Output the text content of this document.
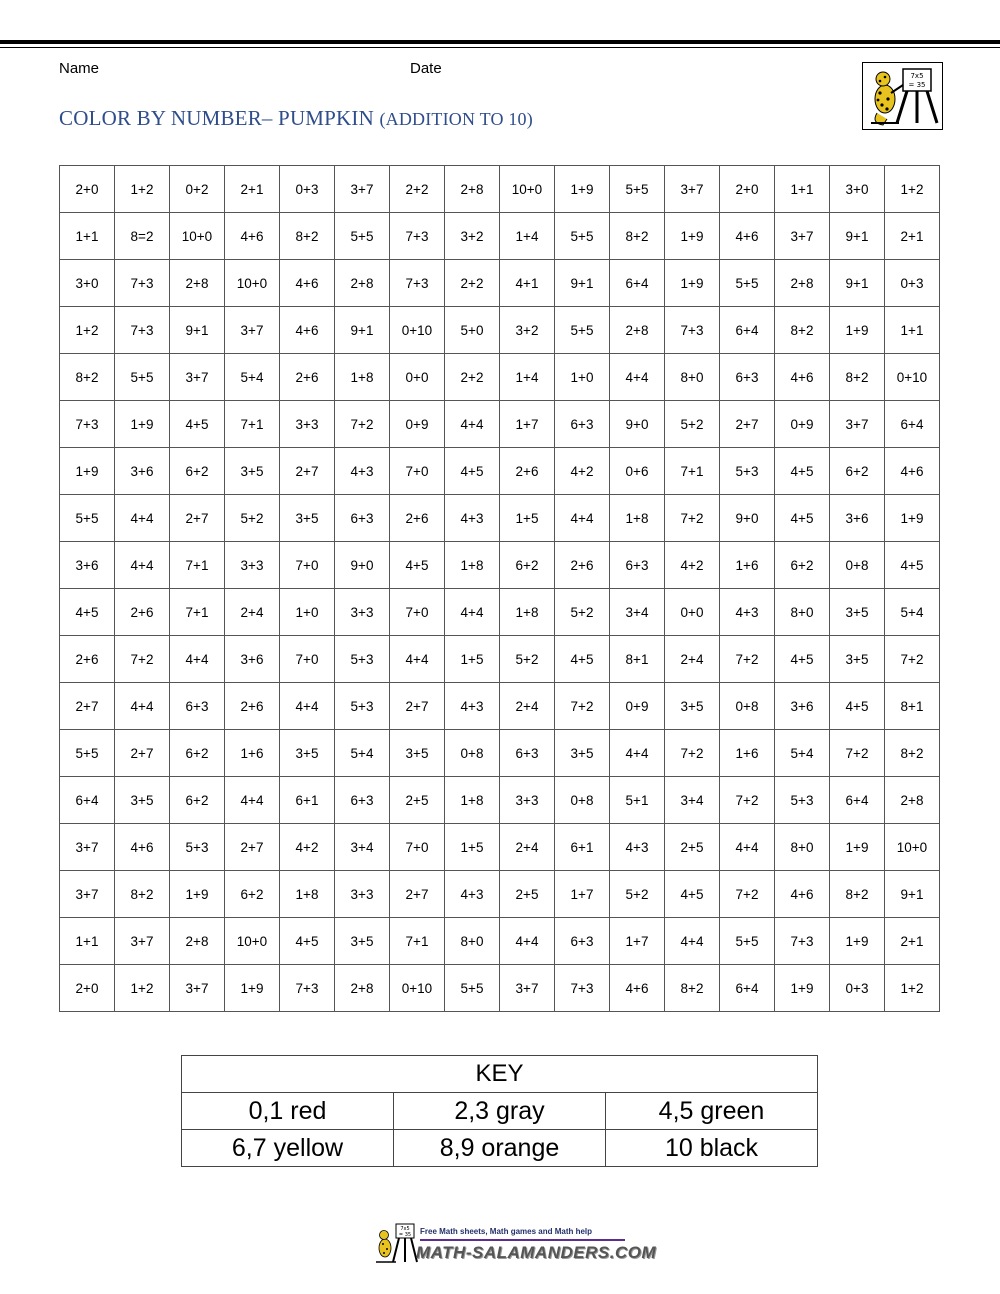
Name	Date
COLOR BY NUMBER– PUMPKIN (ADDITION TO 10)
7x5
= 35
2+0	1+2	0+2	2+1	0+3	3+7	2+2	2+8	10+0	1+9	5+5	3+7	2+0	1+1	3+0	1+2
1+1	8=2	10+0	4+6	8+2	5+5	7+3	3+2	1+4	5+5	8+2	1+9	4+6	3+7	9+1	2+1
3+0	7+3	2+8	10+0	4+6	2+8	7+3	2+2	4+1	9+1	6+4	1+9	5+5	2+8	9+1	0+3
1+2	7+3	9+1	3+7	4+6	9+1	0+10	5+0	3+2	5+5	2+8	7+3	6+4	8+2	1+9	1+1
8+2	5+5	3+7	5+4	2+6	1+8	0+0	2+2	1+4	1+0	4+4	8+0	6+3	4+6	8+2	0+10
7+3	1+9	4+5	7+1	3+3	7+2	0+9	4+4	1+7	6+3	9+0	5+2	2+7	0+9	3+7	6+4
1+9	3+6	6+2	3+5	2+7	4+3	7+0	4+5	2+6	4+2	0+6	7+1	5+3	4+5	6+2	4+6
5+5	4+4	2+7	5+2	3+5	6+3	2+6	4+3	1+5	4+4	1+8	7+2	9+0	4+5	3+6	1+9
3+6	4+4	7+1	3+3	7+0	9+0	4+5	1+8	6+2	2+6	6+3	4+2	1+6	6+2	0+8	4+5
4+5	2+6	7+1	2+4	1+0	3+3	7+0	4+4	1+8	5+2	3+4	0+0	4+3	8+0	3+5	5+4
2+6	7+2	4+4	3+6	7+0	5+3	4+4	1+5	5+2	4+5	8+1	2+4	7+2	4+5	3+5	7+2
2+7	4+4	6+3	2+6	4+4	5+3	2+7	4+3	2+4	7+2	0+9	3+5	0+8	3+6	4+5	8+1
5+5	2+7	6+2	1+6	3+5	5+4	3+5	0+8	6+3	3+5	4+4	7+2	1+6	5+4	7+2	8+2
6+4	3+5	6+2	4+4	6+1	6+3	2+5	1+8	3+3	0+8	5+1	3+4	7+2	5+3	6+4	2+8
3+7	4+6	5+3	2+7	4+2	3+4	7+0	1+5	2+4	6+1	4+3	2+5	4+4	8+0	1+9	10+0
3+7	8+2	1+9	6+2	1+8	3+3	2+7	4+3	2+5	1+7	5+2	4+5	7+2	4+6	8+2	9+1
1+1	3+7	2+8	10+0	4+5	3+5	7+1	8+0	4+4	6+3	1+7	4+4	5+5	7+3	1+9	2+1
2+0	1+2	3+7	1+9	7+3	2+8	0+10	5+5	3+7	7+3	4+6	8+2	6+4	1+9	0+3	1+2
KEY		
0,1 red	2,3 gray	4,5 green
6,7 yellow	8,9 orange	10 black
7x5
= 35 Free Math sheets, Math games and Math help
MATH-SALAMANDERS.COM
